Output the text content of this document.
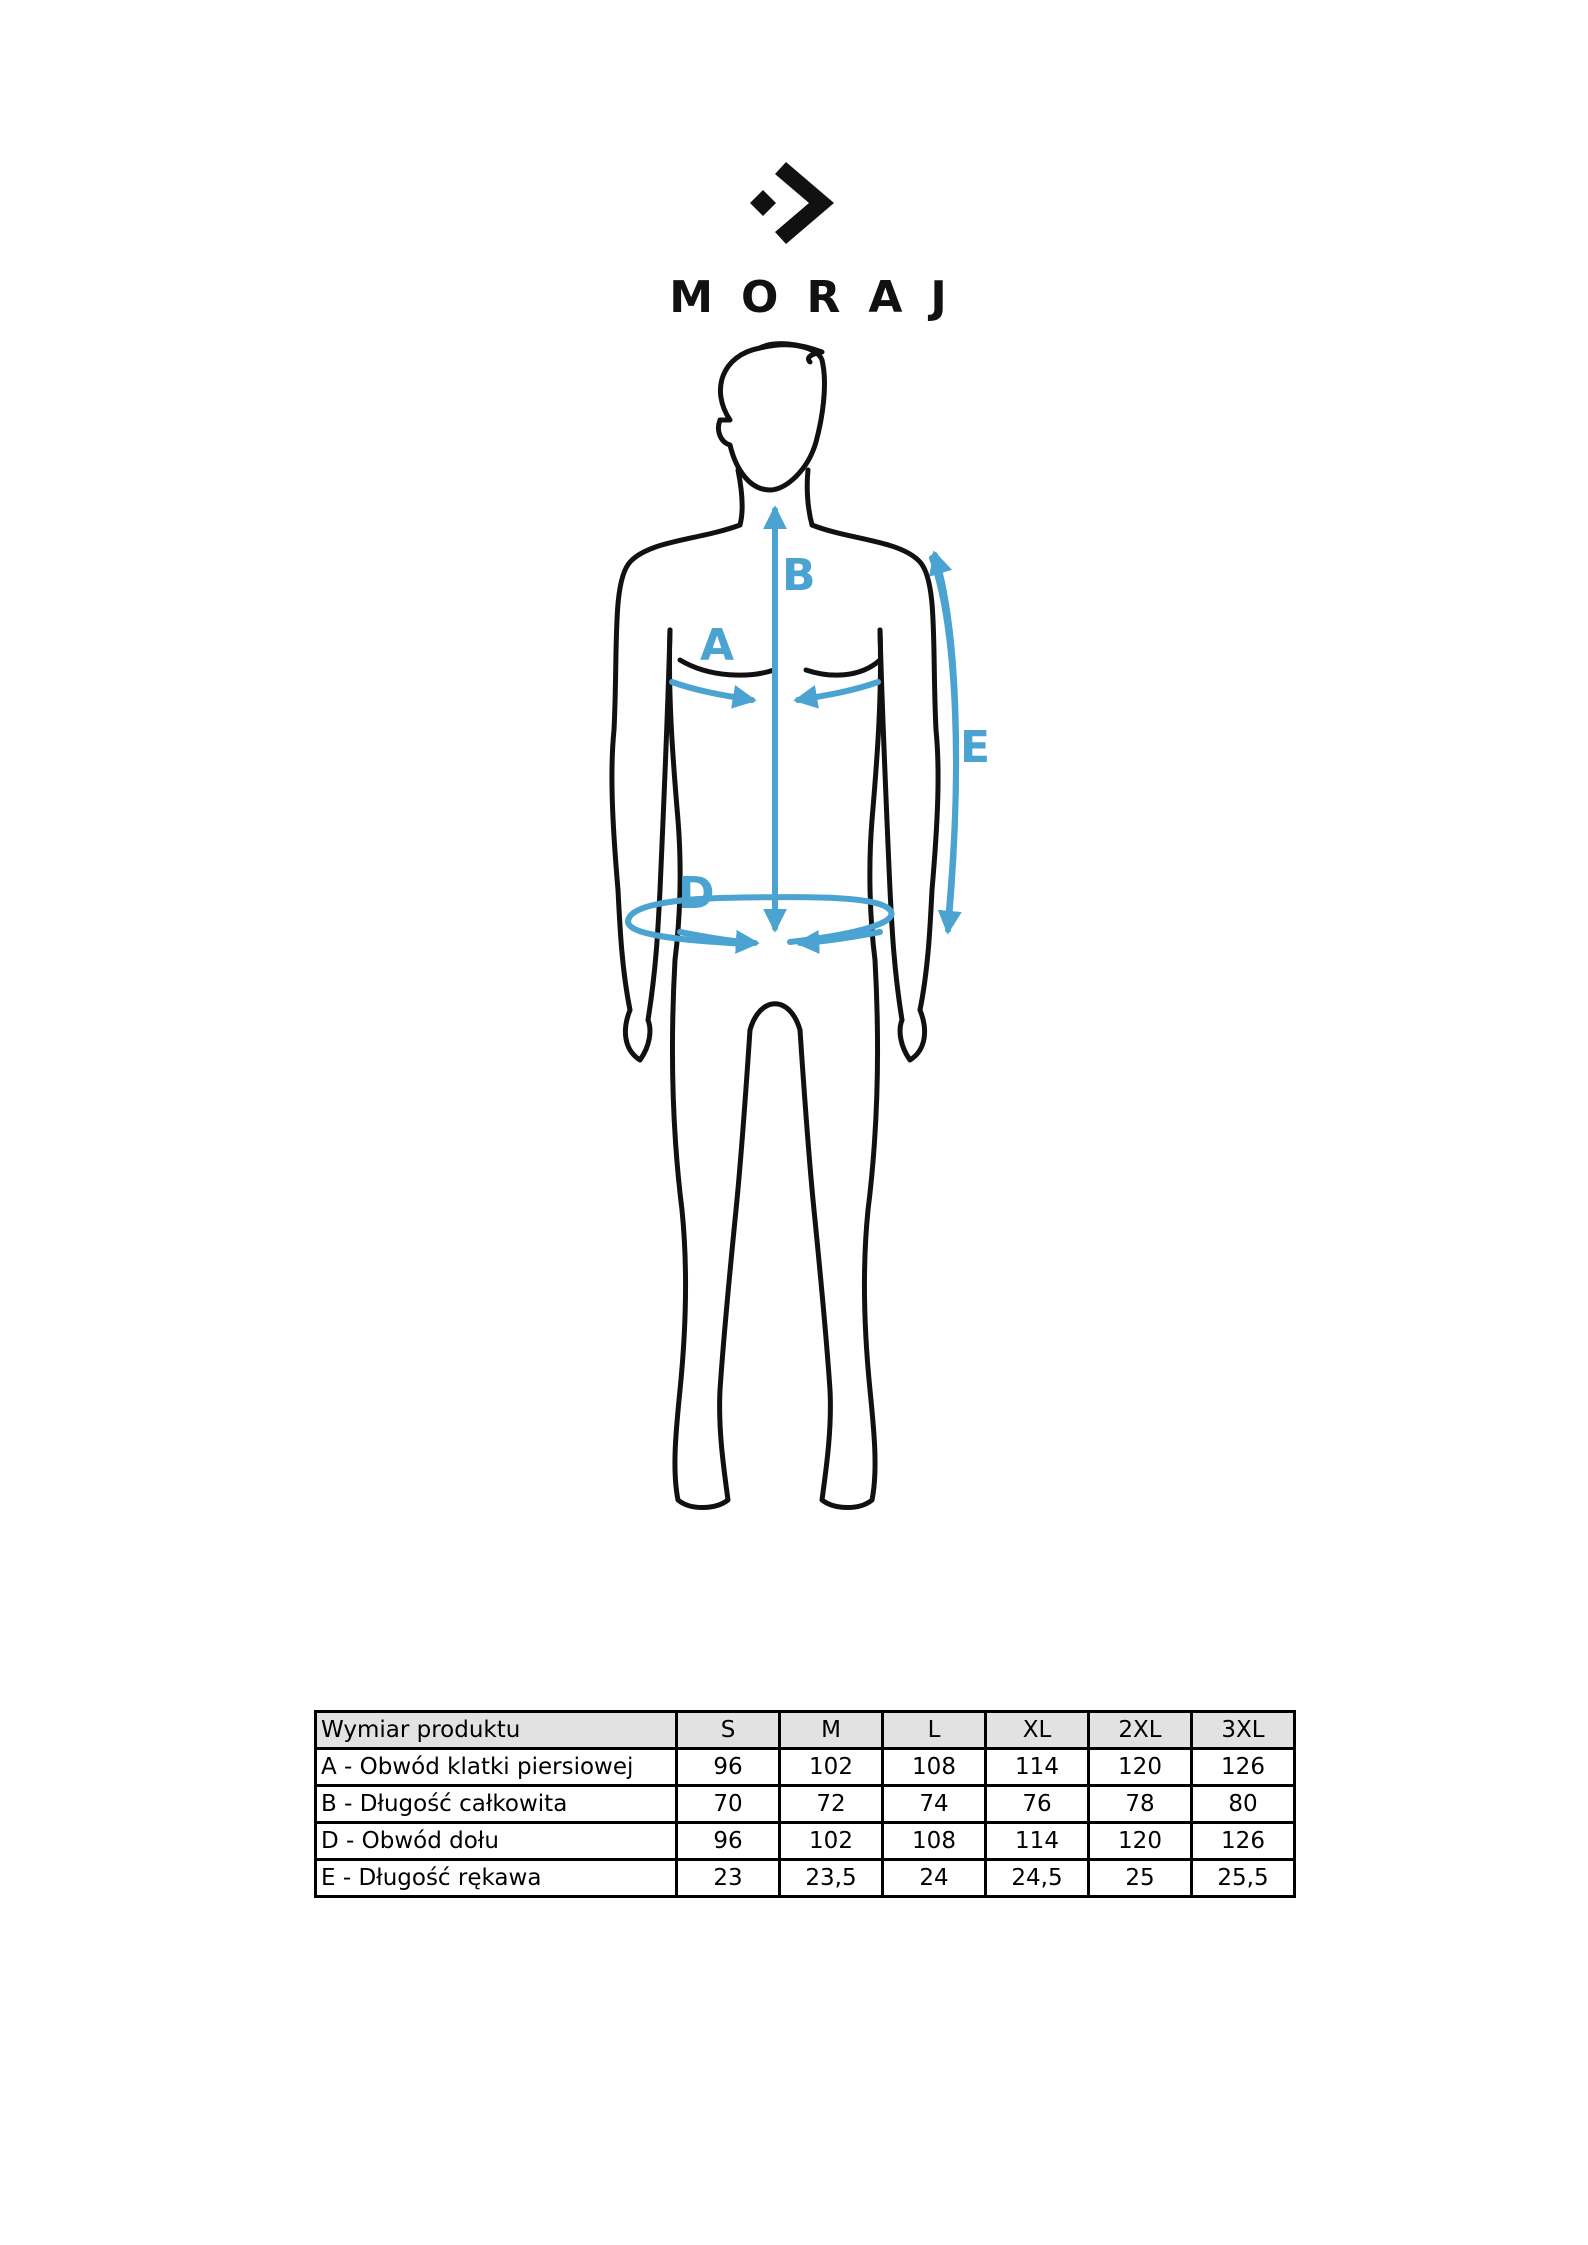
MORAJ
A
B
D
E
Wymiar produktu	S	M	L	XL	2XL	3XL
A - Obwód klatki piersiowej	96	102	108	114	120	126
B - Długość całkowita	70	72	74	76	78	80
D - Obwód dołu	96	102	108	114	120	126
E - Długość rękawa	23	23,5	24	24,5	25	25,5
